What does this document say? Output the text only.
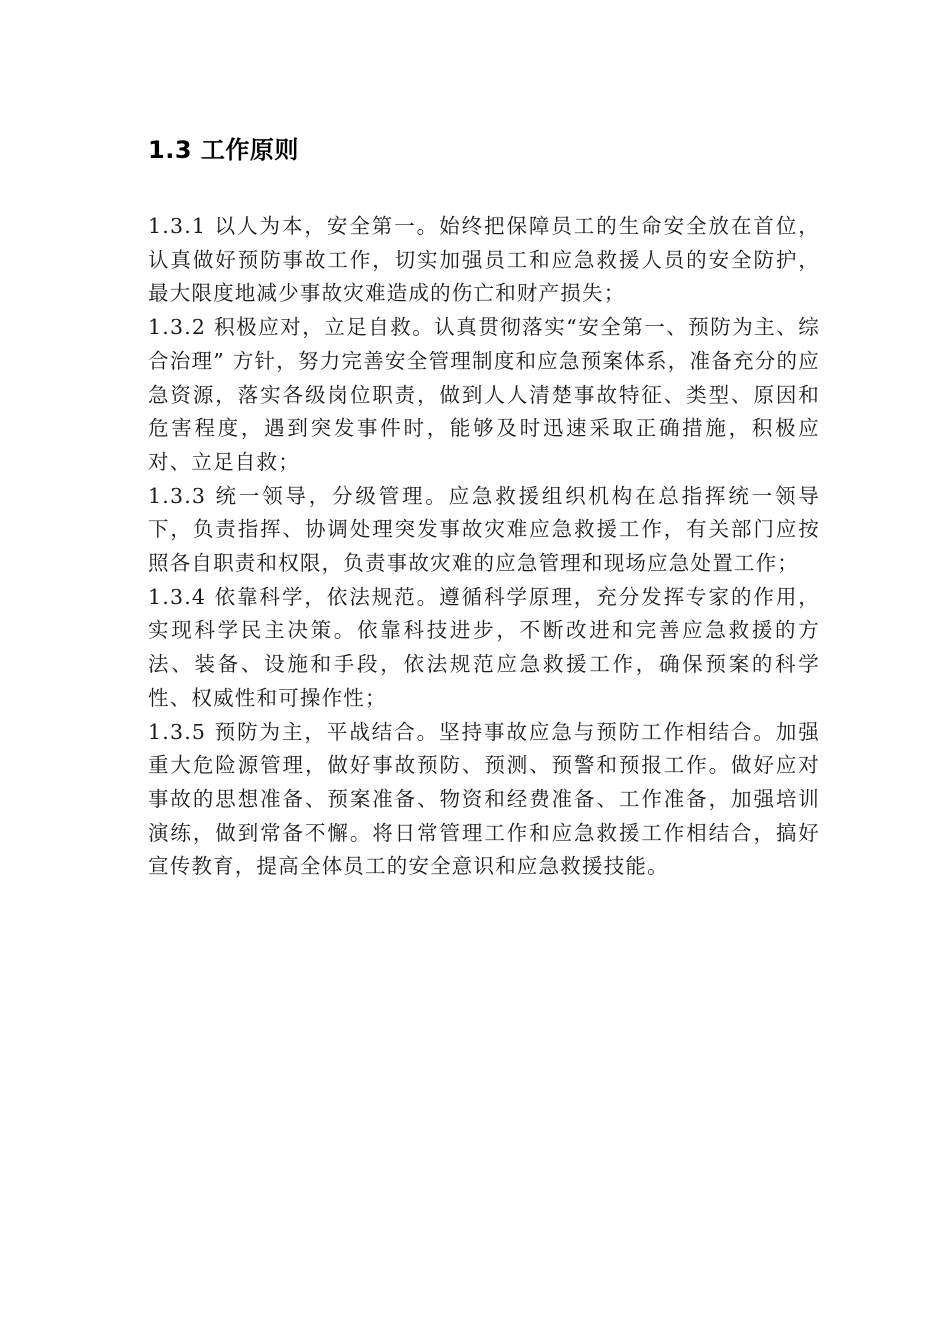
1.3 工作原则

1.3.1 以人为本，安全第一。始终把保障员工的生命安全放在首位，认真做好预防事故工作，切实加强员工和应急救援人员的安全防护，最大限度地减少事故灾难造成的伤亡和财产损失；

1.3.2 积极应对，立足自救。认真贯彻落实“安全第一、预防为主、综合治理” 方针，努力完善安全管理制度和应急预案体系，准备充分的应急资源，落实各级岗位职责，做到人人清楚事故特征、类型、原因和危害程度，遇到突发事件时，能够及时迅速采取正确措施，积极应对、立足自救；

1.3.3 统一领导，分级管理。应急救援组织机构在总指挥统一领导下，负责指挥、协调处理突发事故灾难应急救援工作，有关部门应按照各自职责和权限，负责事故灾难的应急管理和现场应急处置工作；

1.3.4 依靠科学，依法规范。遵循科学原理，充分发挥专家的作用，实现科学民主决策。依靠科技进步，不断改进和完善应急救援的方法、装备、设施和手段，依法规范应急救援工作，确保预案的科学性、权威性和可操作性；

1.3.5 预防为主，平战结合。坚持事故应急与预防工作相结合。加强重大危险源管理，做好事故预防、预测、预警和预报工作。做好应对事故的思想准备、预案准备、物资和经费准备、工作准备，加强培训演练，做到常备不懈。将日常管理工作和应急救援工作相结合，搞好宣传教育，提高全体员工的安全意识和应急救援技能。
